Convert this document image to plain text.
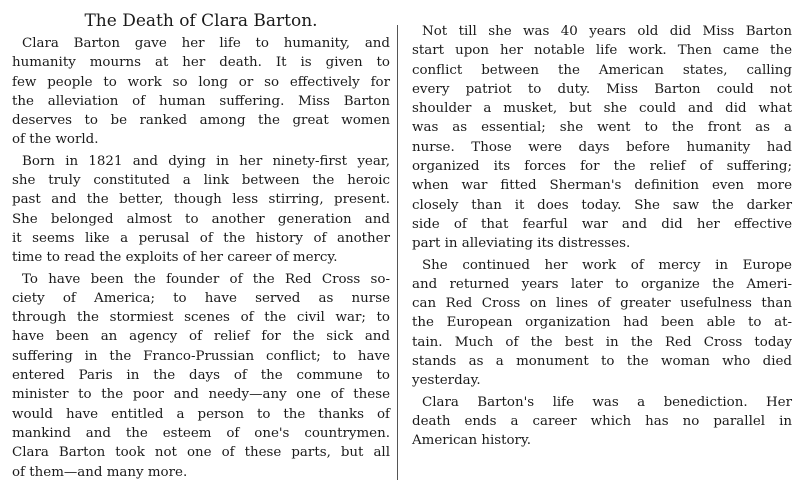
The Death of Clara Barton.
Clara Barton gave her life to humanity, and
humanity mourns at her death. It is given to
few people to work so long or so effectively for
the alleviation of human suffering. Miss Barton
deserves to be ranked among the great women
of the world.
Born in 1821 and dying in her ninety-first year,
she truly constituted a link between the heroic
past and the better, though less stirring, present.
She belonged almost to another generation and
it seems like a perusal of the history of another
time to read the exploits of her career of mercy.
To have been the founder of the Red Cross so-
ciety of America; to have served as nurse
through the stormiest scenes of the civil war; to
have been an agency of relief for the sick and
suffering in the Franco-Prussian conflict; to have
entered Paris in the days of the commune to
minister to the poor and needy—any one of these
would have entitled a person to the thanks of
mankind and the esteem of one's countrymen.
Clara Barton took not one of these parts, but all
of them—and many more.
Not till she was 40 years old did Miss Barton
start upon her notable life work. Then came the
conflict between the American states, calling
every patriot to duty. Miss Barton could not
shoulder a musket, but she could and did what
was as essential; she went to the front as a
nurse. Those were days before humanity had
organized its forces for the relief of suffering;
when war fitted Sherman's definition even more
closely than it does today. She saw the darker
side of that fearful war and did her effective
part in alleviating its distresses.
She continued her work of mercy in Europe
and returned years later to organize the Ameri-
can Red Cross on lines of greater usefulness than
the European organization had been able to at-
tain. Much of the best in the Red Cross today
stands as a monument to the woman who died
yesterday.
Clara Barton's life was a benediction. Her
death ends a career which has no parallel in
American history.
